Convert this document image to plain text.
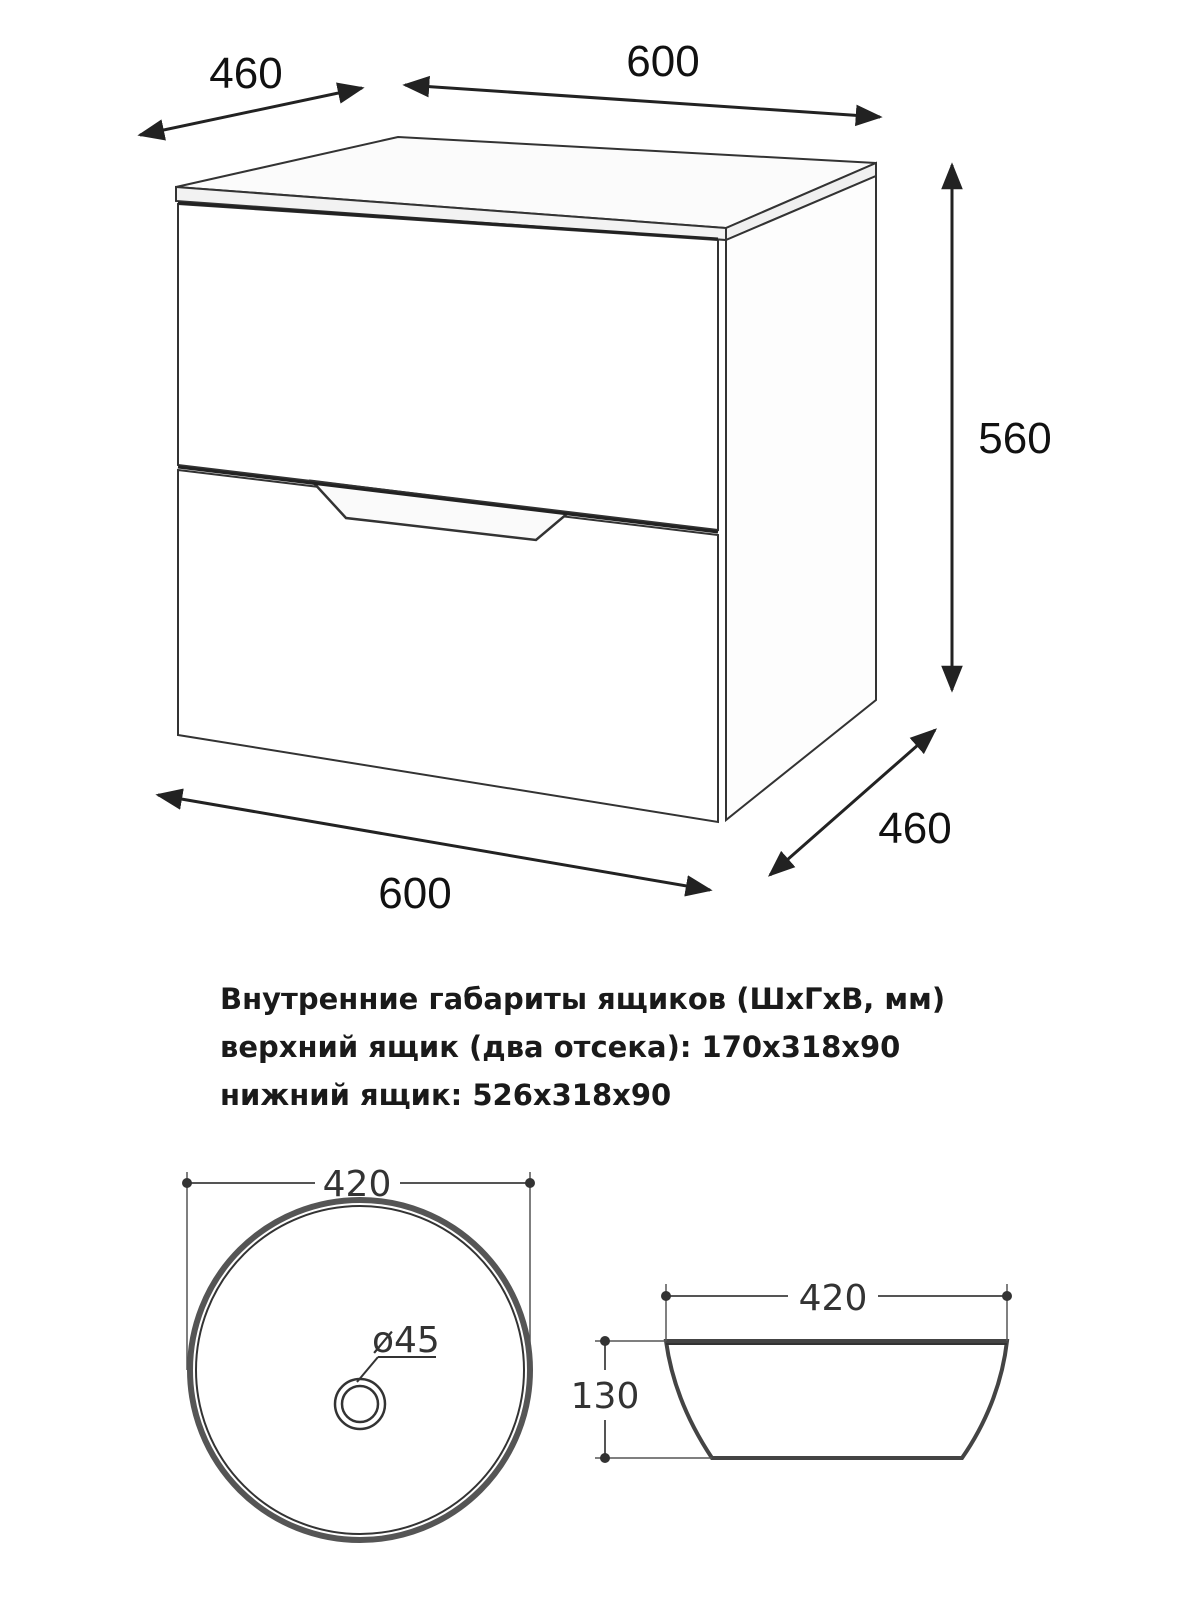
460	600
560
460
600
ø45
420
420
130
Внутренние габариты ящиков (ШхГхВ, мм)
верхний ящик (два отсека): 170х318х90
нижний ящик: 526х318х90
